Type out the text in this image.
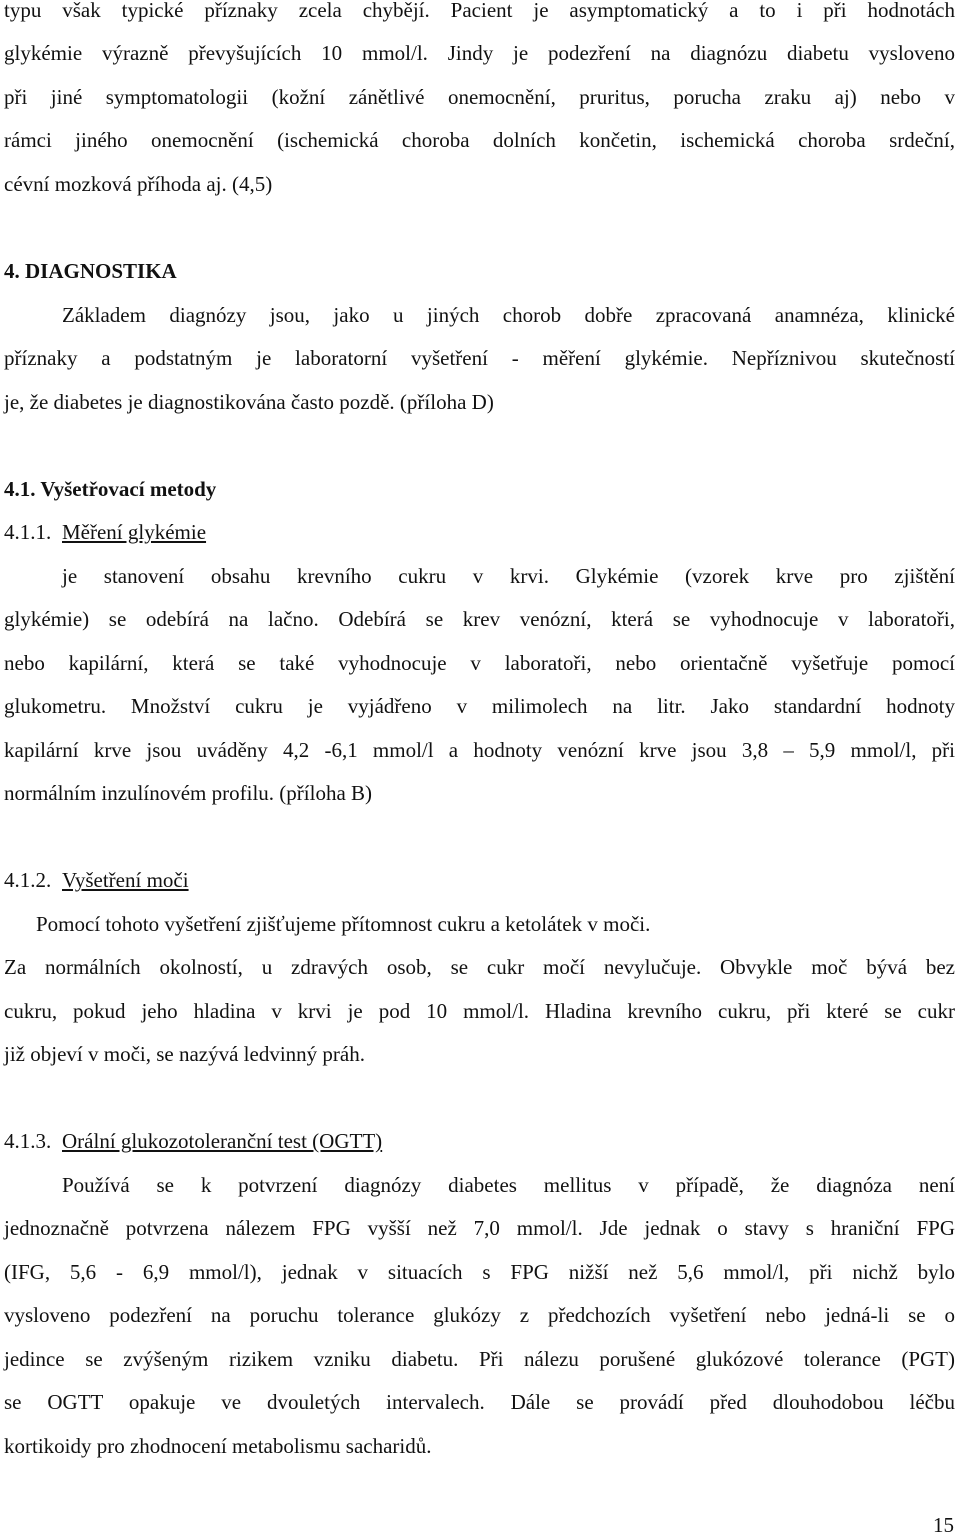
typu však typické příznaky zcela chybějí. Pacient je asymptomatický a to i při hodnotách
glykémie výrazně převyšujících 10 mmol/l. Jindy je podezření na diagnózu diabetu vysloveno
při jiné symptomatologii (kožní zánětlivé onemocnění, pruritus, porucha zraku aj) nebo v
rámci jiného onemocnění (ischemická choroba dolních končetin, ischemická choroba srdeční,
cévní mozková příhoda aj. (4,5)
4. DIAGNOSTIKA
Základem diagnózy jsou, jako u jiných chorob dobře zpracovaná anamnéza, klinické
příznaky a podstatným je laboratorní vyšetření - měření glykémie. Nepříznivou skutečností
je, že diabetes je diagnostikována často pozdě. (příloha D)
4.1. Vyšetřovací metody
4.1.1. Měření glykémie
je stanovení obsahu krevního cukru v krvi. Glykémie (vzorek krve pro zjištění
glykémie) se odebírá na lačno. Odebírá se krev venózní, která se vyhodnocuje v laboratoři,
nebo kapilární, která se také vyhodnocuje v laboratoři, nebo orientačně vyšetřuje pomocí
glukometru. Množství cukru je vyjádřeno v milimolech na litr. Jako standardní hodnoty
kapilární krve jsou uváděny 4,2 -6,1 mmol/l a hodnoty venózní krve jsou 3,8 – 5,9 mmol/l, při
normálním inzulínovém profilu. (příloha B)
4.1.2. Vyšetření moči
Pomocí tohoto vyšetření zjišťujeme přítomnost cukru a ketolátek v moči.
Za normálních okolností, u zdravých osob, se cukr močí nevylučuje. Obvykle moč bývá bez
cukru, pokud jeho hladina v krvi je pod 10 mmol/l. Hladina krevního cukru, při které se cukr
již objeví v moči, se nazývá ledvinný práh.
4.1.3. Orální glukozotoleranční test (OGTT)
Používá se k potvrzení diagnózy diabetes mellitus v případě, že diagnóza není
jednoznačně potvrzena nálezem FPG vyšší než 7,0 mmol/l. Jde jednak o stavy s hraniční FPG
(IFG, 5,6 - 6,9 mmol/l), jednak v situacích s FPG nižší než 5,6 mmol/l, při nichž bylo
vysloveno podezření na poruchu tolerance glukózy z předchozích vyšetření nebo jedná-li se o
jedince se zvýšeným rizikem vzniku diabetu. Při nálezu porušené glukózové tolerance (PGT)
se OGTT opakuje ve dvouletých intervalech. Dále se provádí před dlouhodobou léčbu
kortikoidy pro zhodnocení metabolismu sacharidů.
15
